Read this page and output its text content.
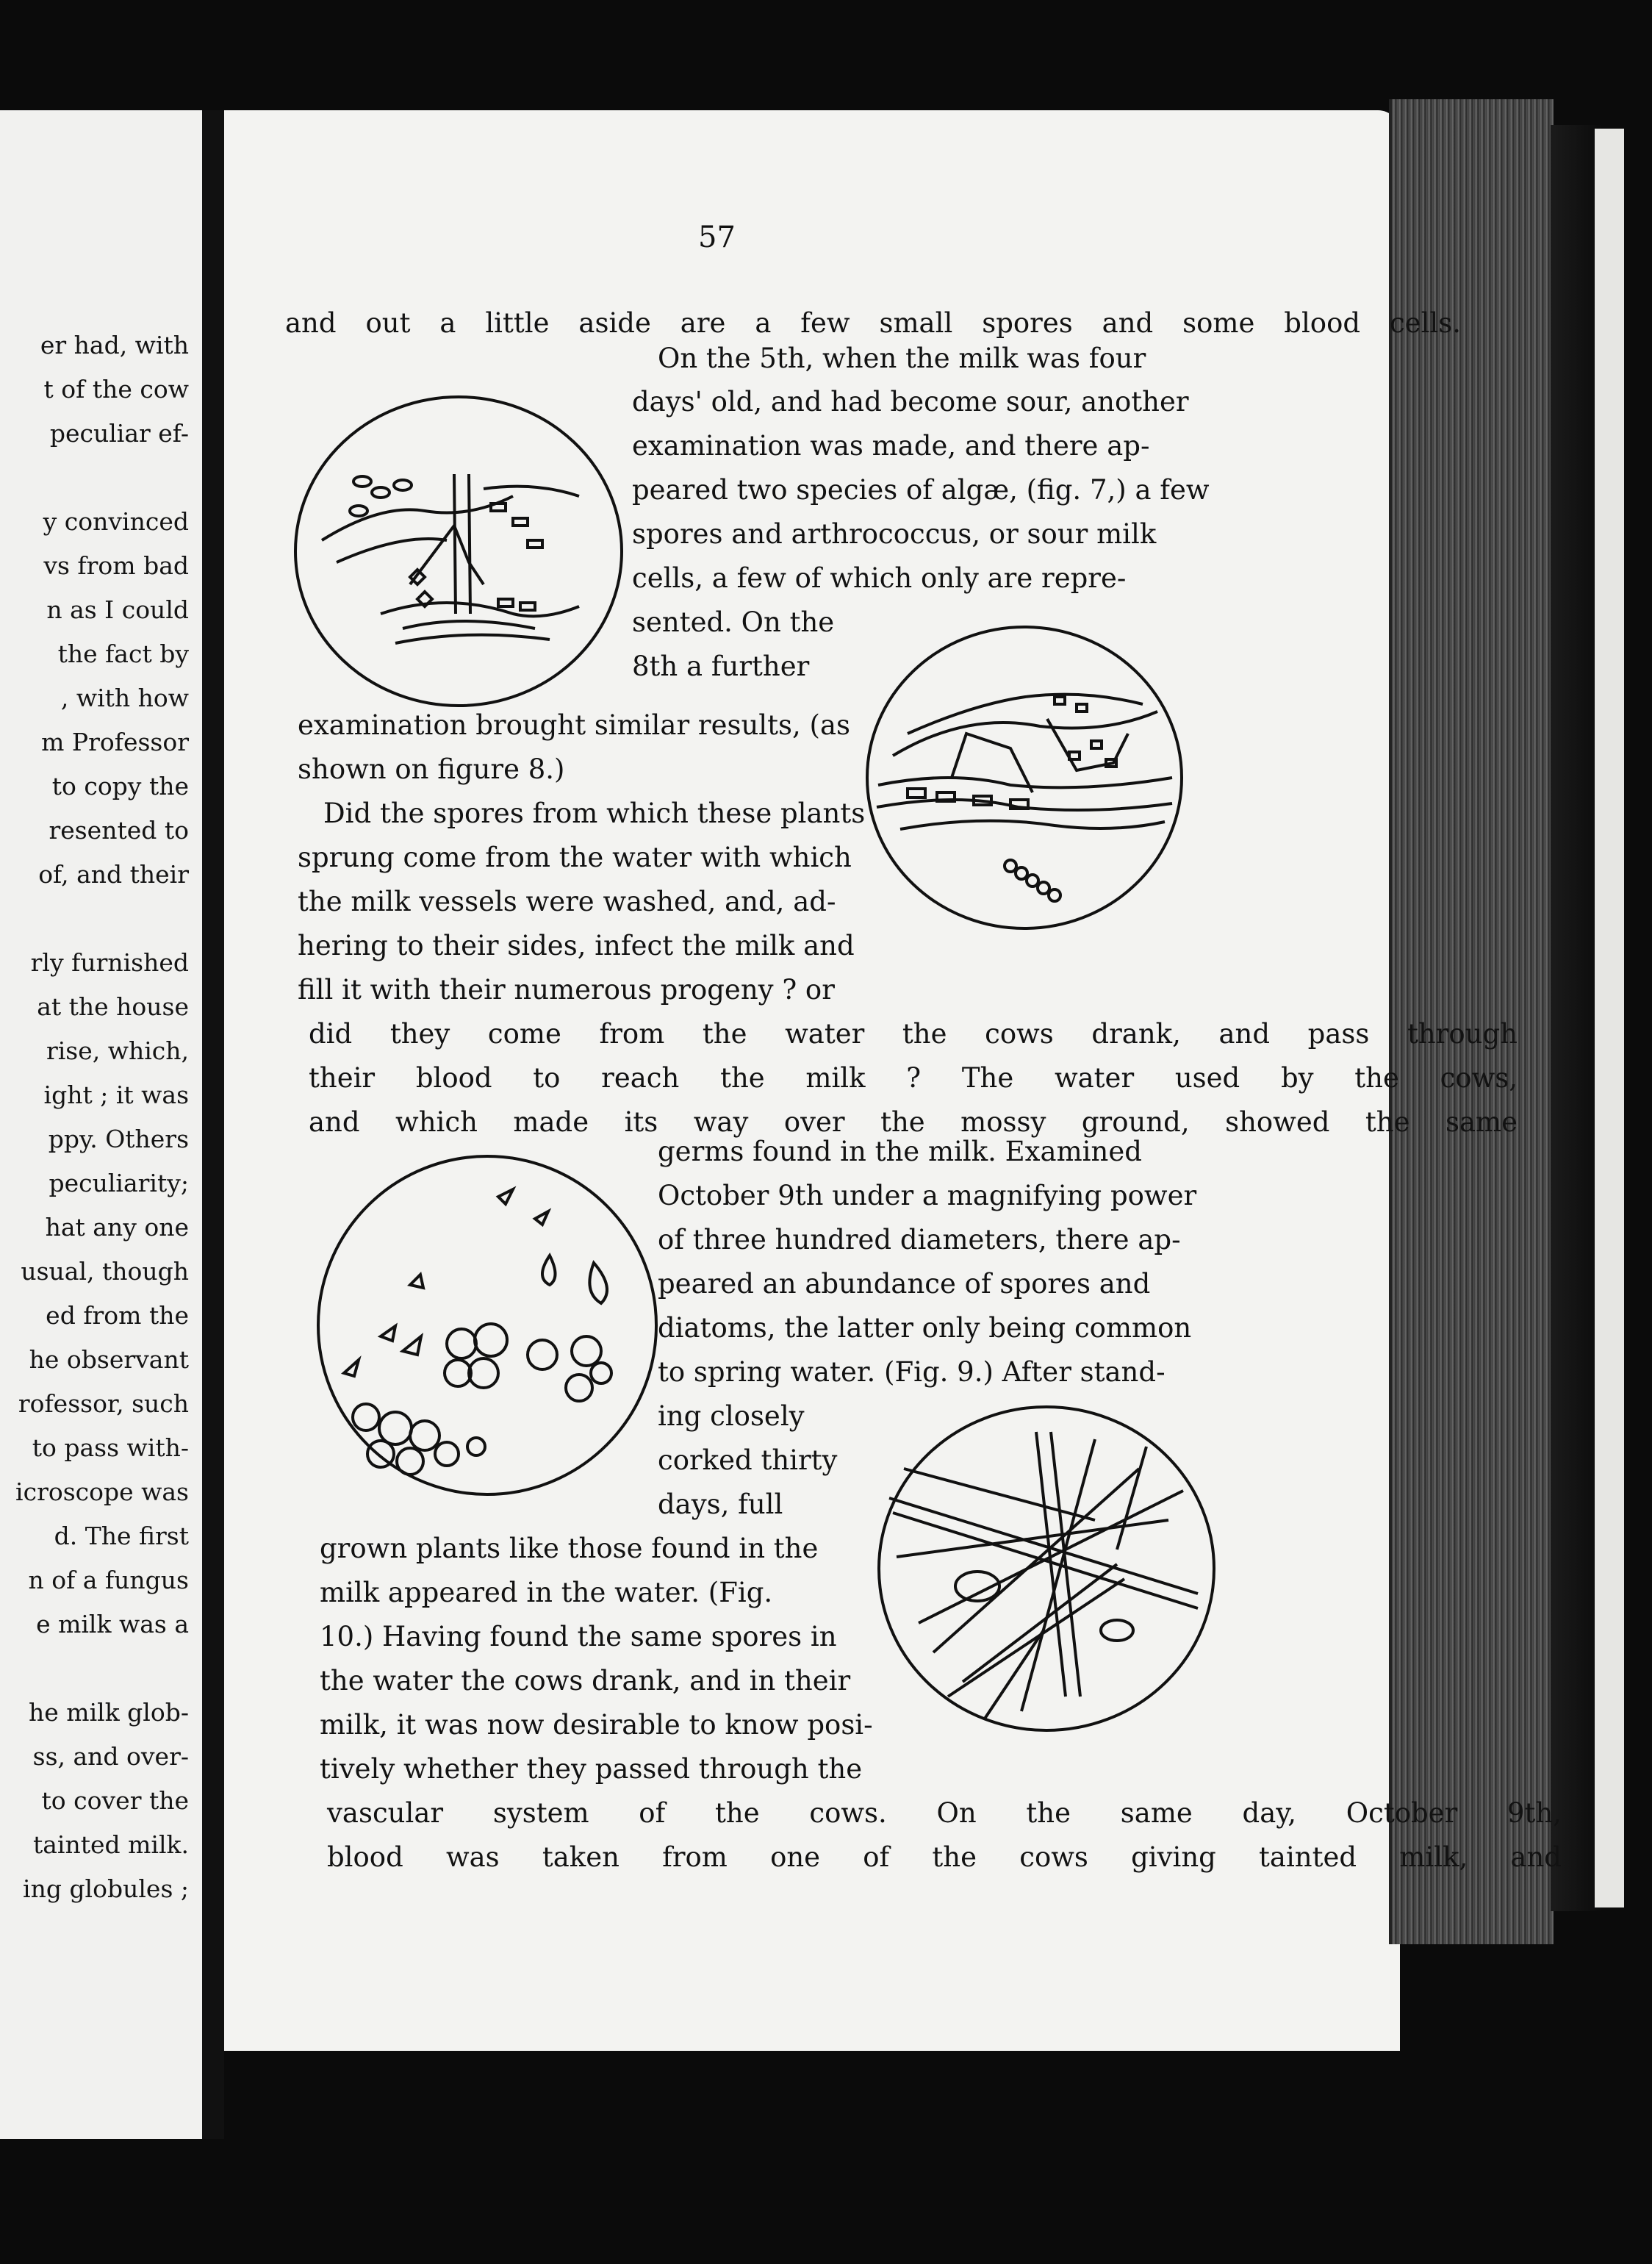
er had, with
t of the cow
peculiar ef-
y convinced
vs from bad
n as I could
the fact by
, with how
m Professor
to copy the
resented to
of, and their
rly furnished
at the house
rise, which,
ight ; it was
ppy. Others
peculiarity;
hat any one
usual, though
ed from the
he observant
rofessor, such
to pass with-
icroscope was
d. The first
n of a fungus
e milk was a
he milk glob-
ss, and over-
to cover the
tainted milk.
ing globules ;
57
and out a little aside are a few small spores and some blood cells.
On the 5th, when the milk was four
days' old, and had become sour, another
examination was made, and there ap-
peared two species of algæ, (fig. 7,) a few
spores and arthrococcus, or sour milk
cells, a few of which only are repre-
sented. On the
8th a further
examination brought similar results, (as
shown on figure 8.)
Did the spores from which these plants
sprung come from the water with which
the milk vessels were washed, and, ad-
hering to their sides, infect the milk and
fill it with their numerous progeny ? or
did they come from the water the cows drank, and pass through
their blood to reach the milk ? The water used by the cows,
and which made its way over the mossy ground, showed the same
germs found in the milk. Examined
October 9th under a magnifying power
of three hundred diameters, there ap-
peared an abundance of spores and
diatoms, the latter only being common
to spring water. (Fig. 9.) After stand-
ing closely
corked thirty
days, full
grown plants like those found in the
milk appeared in the water. (Fig.
10.) Having found the same spores in
the water the cows drank, and in their
milk, it was now desirable to know posi-
tively whether they passed through the
vascular system of the cows. On the same day, October 9th,
blood was taken from one of the cows giving tainted milk, and
